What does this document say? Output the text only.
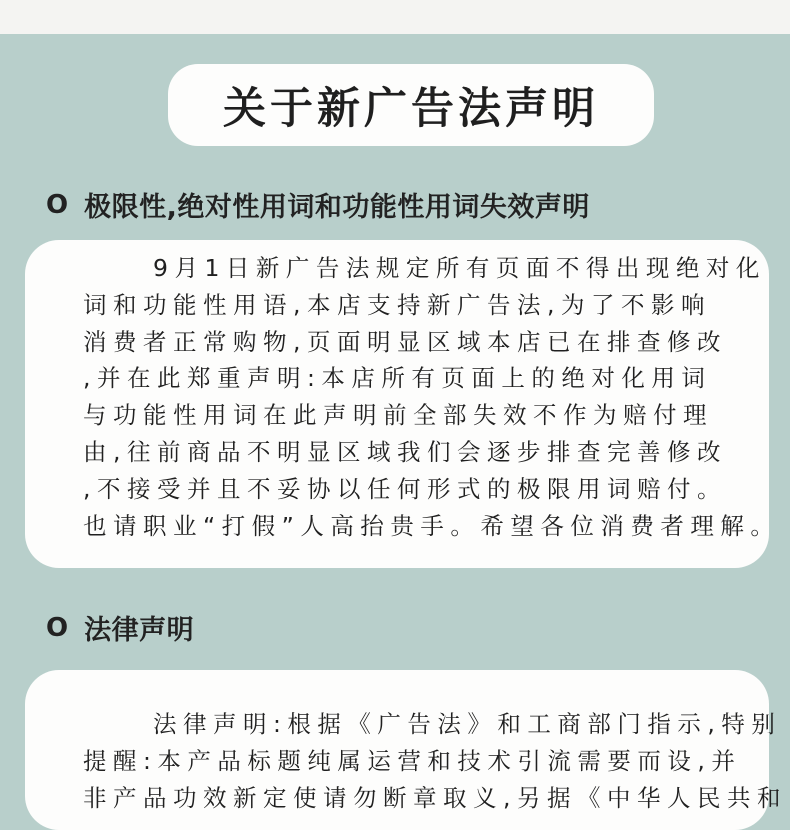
关于新广告法声明
O 极限性,绝对性用词和功能性用词失效声明

9月1日新广告法规定所有页面不得出现绝对化
词和功能性用语,本店支持新广告法,为了不影响
消费者正常购物,页面明显区域本店已在排查修改
,并在此郑重声明:本店所有页面上的绝对化用词
与功能性用词在此声明前全部失效不作为赔付理
由,往前商品不明显区域我们会逐步排查完善修改
,不接受并且不妥协以任何形式的极限用词赔付。
也请职业“打假”人高抬贵手。希望各位消费者理解。

O 法律声明

法律声明:根据《广告法》和工商部门指示,特别
提醒:本产品标题纯属运营和技术引流需要而设,并
非产品功效新定使请勿断章取义,另据《中华人民共和
